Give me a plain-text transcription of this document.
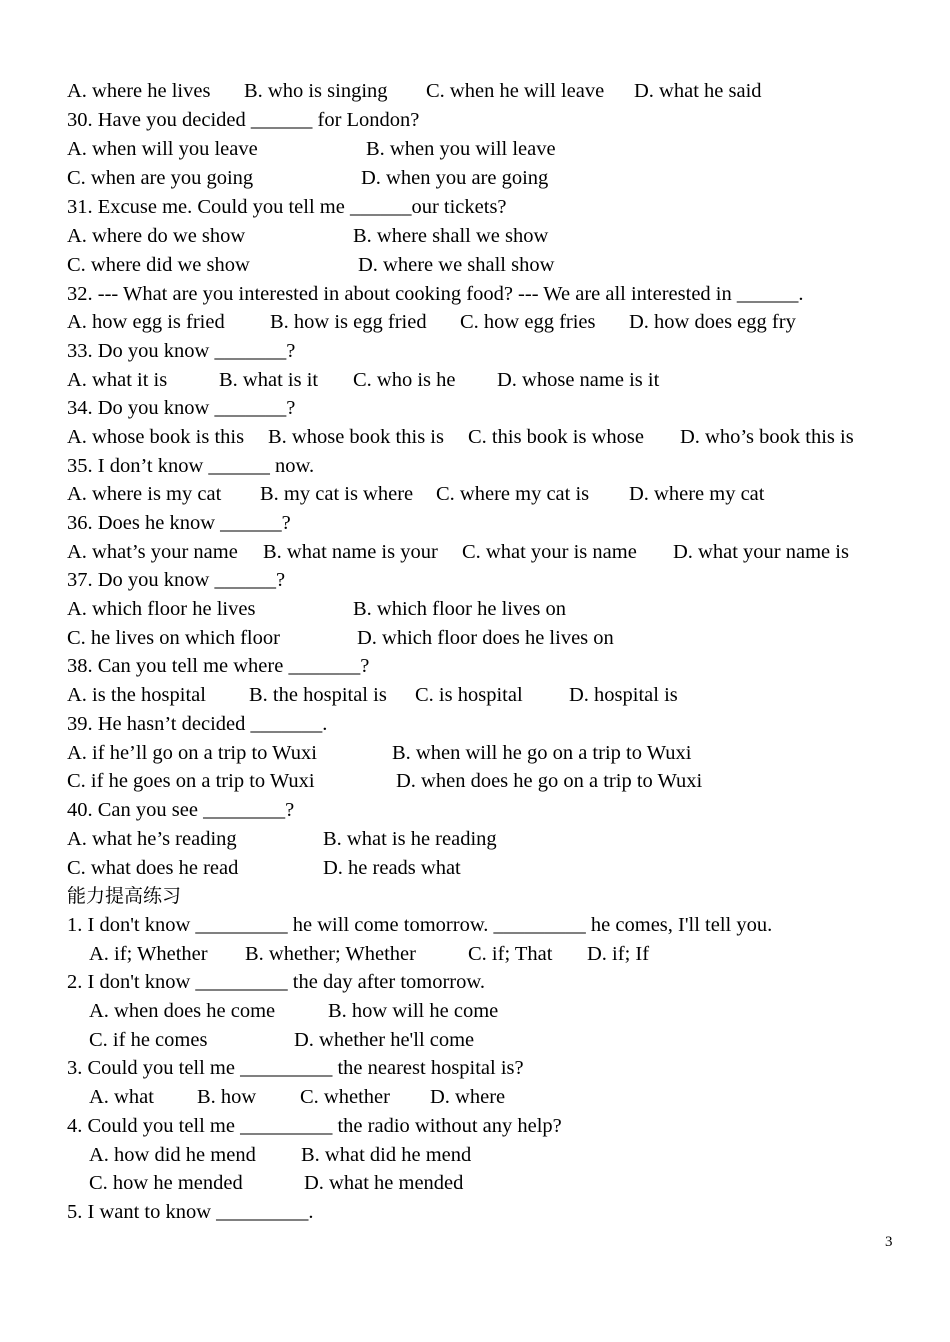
A. where he lives

B. who is singing

C. when he will leave

D. what he said

30. Have you decided ______ for London?

A. when will you leave

	B. when you will leave

C. when are you going

	D. when you are going

31. Excuse me. Could you tell me ______our tickets?

A. where do we show

	B. where shall we show

C. where did we show

	D. where we shall show

32. --- What are you interested in about cooking food? --- We are all interested in ______.

A. how egg is fried

B. how is egg fried

C. how egg fries

D. how does egg fry

33. Do you know _______?

A. what it is

	B. what is it

C. who is he

D. whose name is it

34. Do you know _______?

A. whose book is this

B. whose book this is

C. this book is whose

D. who’s book this is

35. I don’t know ______ now.

A. where is my cat

B. my cat is where

C. where my cat is

D. where my cat

36. Does he know ______?

A. what’s your name

B. what name is your

C. what your is name

D. what your name is

37. Do you know ______?

A. which floor he lives

	B. which floor he lives on

C. he lives on which floor

	D. which floor does he lives on

38. Can you tell me where _______?

A. is the hospital

B. the hospital is

C. is hospital

D. hospital is

39. He hasn’t decided _______.

A. if he’ll go on a trip to Wuxi

	B. when will he go on a trip to Wuxi

C. if he goes on a trip to Wuxi

	D. when does he go on a trip to Wuxi

40. Can you see ________?

A. what he’s reading

	B. what is he reading

C. what does he read

	D. he reads what

能力提高练习
1. I don't know _________ he will come tomorrow. _________ he comes, I'll tell you.

A. if; Whether

B. whether; Whether

	C. if; That

D. if; If

2. I don't know _________ the day after tomorrow.

A. when does he come

	B. how will he come

C. if he comes

	D. whether he'll come

3. Could you tell me _________ the nearest hospital is?

A. what

B. how

C. whether

D. where

4. Could you tell me _________ the radio without any help?

A. how did he mend

B. what did he mend

C. how he mended

	D. what he mended

5. I want to know _________.
3
